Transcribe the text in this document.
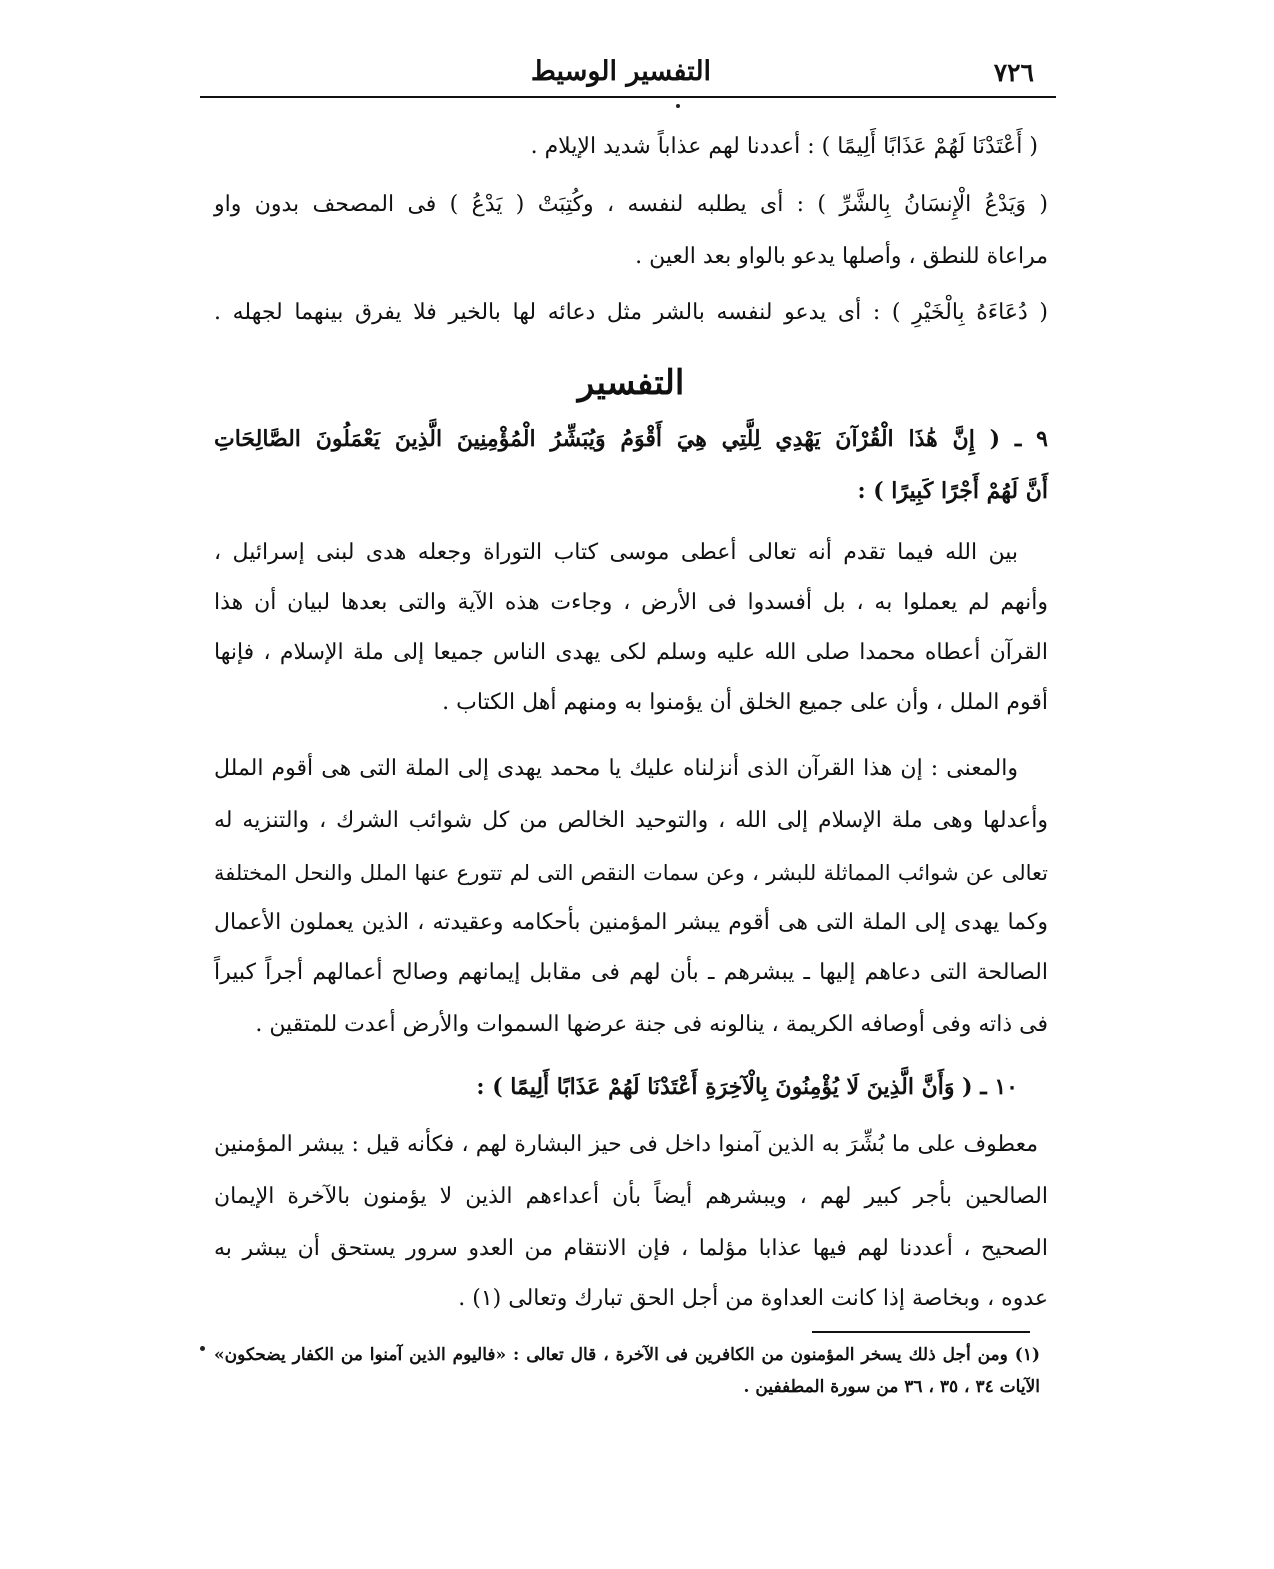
٧٢٦
التفسير الوسيط
( أَعْتَدْنَا لَهُمْ عَذَابًا أَلِيمًا ) : أعددنا لهم عذاباً شديد الإيلام .
( وَيَدْعُ الْإِنسَانُ بِالشَّرِّ ) : أى يطلبه لنفسه ، وكُتِبَتْ ( يَدْعُ ) فى المصحف بدون واو
مراعاة للنطق ، وأصلها يدعو بالواو بعد العين .
( دُعَاءَهُ بِالْخَيْرِ ) : أى يدعو لنفسه بالشر مثل دعائه لها بالخير فلا يفرق بينهما لجهله .
التفسير
٩ ـ ( إِنَّ هَٰذَا الْقُرْآنَ يَهْدِي لِلَّتِي هِيَ أَقْوَمُ وَيُبَشِّرُ الْمُؤْمِنِينَ الَّذِينَ يَعْمَلُونَ الصَّالِحَاتِ
أَنَّ لَهُمْ أَجْرًا كَبِيرًا ) :
بين الله فيما تقدم أنه تعالى أعطى موسى كتاب التوراة وجعله هدى لبنى إسرائيل ،
وأنهم لم يعملوا به ، بل أفسدوا فى الأرض ، وجاءت هذه الآية والتى بعدها لبيان أن هذا
القرآن أعطاه محمدا صلى الله عليه وسلم لكى يهدى الناس جميعا إلى ملة الإسلام ، فإنها
أقوم الملل ، وأن على جميع الخلق أن يؤمنوا به ومنهم أهل الكتاب .
والمعنى : إن هذا القرآن الذى أنزلناه عليك يا محمد يهدى إلى الملة التى هى أقوم الملل
وأعدلها وهى ملة الإسلام إلى الله ، والتوحيد الخالص من كل شوائب الشرك ، والتنزيه له
تعالى عن شوائب المماثلة للبشر ، وعن سمات النقص التى لم تتورع عنها الملل والنحل المختلفة
وكما يهدى إلى الملة التى هى أقوم يبشر المؤمنين بأحكامه وعقيدته ، الذين يعملون الأعمال
الصالحة التى دعاهم إليها ـ يبشرهم ـ بأن لهم فى مقابل إيمانهم وصالح أعمالهم أجراً كبيراً
فى ذاته وفى أوصافه الكريمة ، ينالونه فى جنة عرضها السموات والأرض أعدت للمتقين .
١٠ ـ ( وَأَنَّ الَّذِينَ لَا يُؤْمِنُونَ بِالْآخِرَةِ أَعْتَدْنَا لَهُمْ عَذَابًا أَلِيمًا ) :
معطوف على ما بُشِّرَ به الذين آمنوا داخل فى حيز البشارة لهم ، فكأنه قيل : يبشر المؤمنين
الصالحين بأجر كبير لهم ، ويبشرهم أيضاً بأن أعداءهم الذين لا يؤمنون بالآخرة الإيمان
الصحيح ، أعددنا لهم فيها عذابا مؤلما ، فإن الانتقام من العدو سرور يستحق أن يبشر به
عدوه ، وبخاصة إذا كانت العداوة من أجل الحق تبارك وتعالى (١) .
(١) ومن أجل ذلك يسخر المؤمنون من الكافرين فى الآخرة ، قال تعالى : «فاليوم الذين آمنوا من الكفار يضحكون»
الآيات ٣٤ ، ٣٥ ، ٣٦ من سورة المطففين .
